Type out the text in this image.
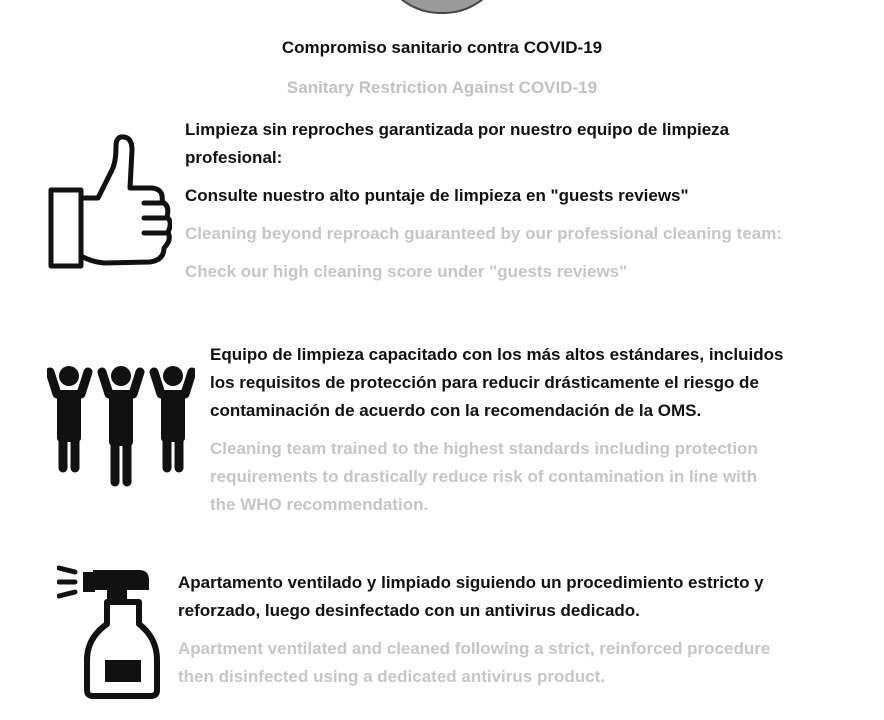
Compromiso sanitario contra COVID-19
Sanitary Restriction Against COVID-19

Limpieza sin reproches garantizada por nuestro equipo de limpieza

profesional:

Consulte nuestro alto puntaje de limpieza en "guests reviews"

Cleaning beyond reproach guaranteed by our professional cleaning team:

Check our high cleaning score under "guests reviews"

Equipo de limpieza capacitado con los más altos estándares, incluidos

los requisitos de protección para reducir drásticamente el riesgo de

contaminación de acuerdo con la recomendación de la OMS.

Cleaning team trained to the highest standards including protection

requirements to drastically reduce risk of contamination in line with

the WHO recommendation.

Apartamento ventilado y limpiado siguiendo un procedimiento estricto y

reforzado, luego desinfectado con un antivirus dedicado.

Apartment ventilated and cleaned following a strict, reinforced procedure

then disinfected using a dedicated antivirus product.
